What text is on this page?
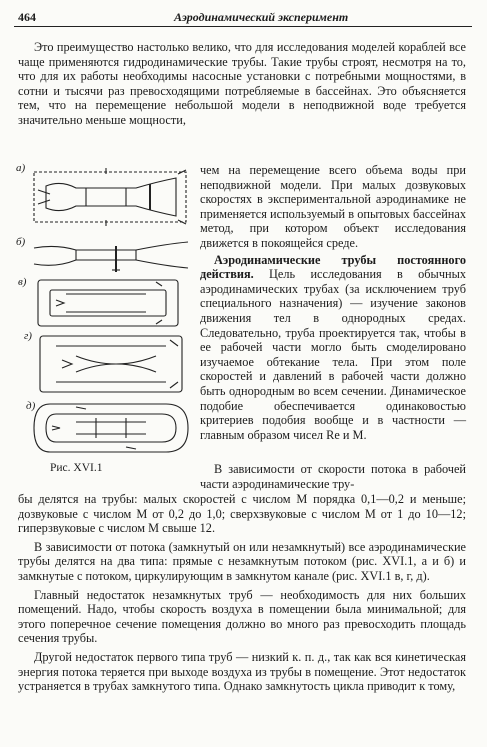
464	Аэродинамический эксперимент

Это преимущество настолько велико, что для исследования моделей кораблей все чаще применяются гидродинамические трубы. Такие трубы строят, несмотря на то, что для их работы необходимы насосные установки с потребными мощностями, в сотни и тысячи раз превосходящими потребляемые в бассейнах. Это объясняется тем, что на перемещение небольшой модели в неподвижной воде требуется значительно меньше мощности,

а)
б)
в)
г)
д)

чем на перемещение всего объема воды при неподвижной модели. При малых дозвуковых скоростях в экспериментальной аэродинамике не применяется используемый в опытовых бассейнах метод, при котором объект исследования движется в покоящейся среде.

Аэродинамические трубы постоянного действия. Цель исследования в обычных аэродинамических трубах (за исключением труб специального назначения) — изучение законов движения тел в однородных средах. Следовательно, труба проектируется так, чтобы в ее рабочей части могло быть смоделировано изучаемое обтекание тела. При этом поле скоростей и давлений в рабочей части должно быть однородным во всем сечении. Динамическое подобие обеспечивается одинаковостью критериев подобия вообще и в частности — главным образом чисел Re и M.

Рис. XVI.1	В зависимости от скорости потока в рабочей части аэродинамические тру-

бы делятся на трубы: малых скоростей с числом M порядка 0,1—0,2 и меньше; дозвуковые с числом M от 0,2 до 1,0; сверхзвуковые с числом M от 1 до 10—12; гиперзвуковые с числом M свыше 12.

В зависимости от потока (замкнутый он или незамкнутый) все аэродинамические трубы делятся на два типа: прямые с незамкнутым потоком (рис. XVI.1, а и б) и замкнутые с потоком, циркулирующим в замкнутом канале (рис. XVI.1 в, г, д).

Главный недостаток незамкнутых труб — необходимость для них больших помещений. Надо, чтобы скорость воздуха в помещении была минимальной; для этого поперечное сечение помещения должно во много раз превосходить площадь сечения трубы.

Другой недостаток первого типа труб — низкий к. п. д., так как вся кинетическая энергия потока теряется при выходе воздуха из трубы в помещение. Этот недостаток устраняется в трубах замкнутого типа. Однако замкнутость цикла приводит к тому,
